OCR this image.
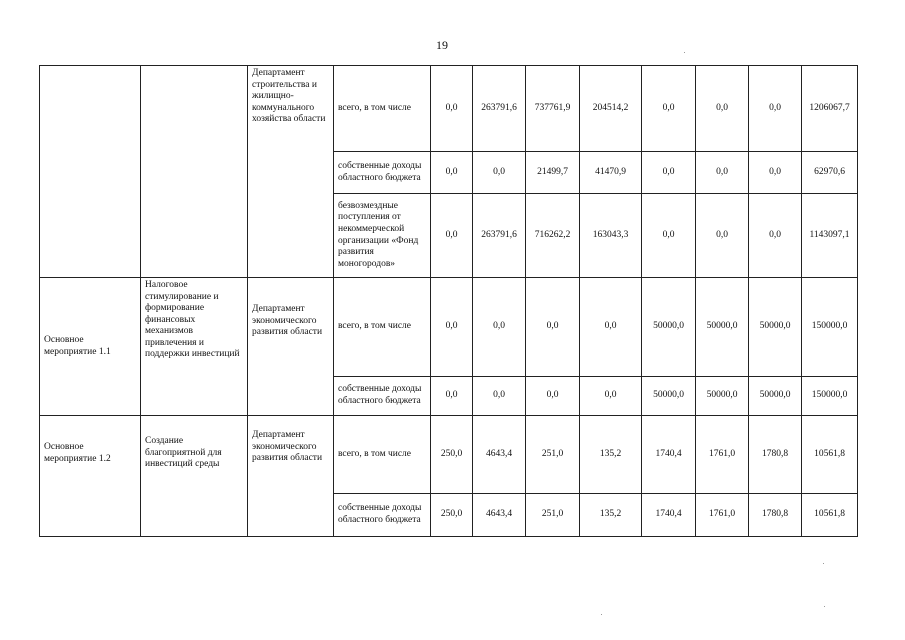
19
		Департамент строительства и жилищно-коммунального хозяйства области	всего, в том числе	0,0	263791,6	737761,9	204514,2	0,0	0,0	0,0	1206067,7
			собственные доходы областного бюджета	0,0	0,0	21499,7	41470,9	0,0	0,0	0,0	62970,6
			безвозмездные поступления от некоммерческой организации «Фонд развития моногородов»	0,0	263791,6	716262,2	163043,3	0,0	0,0	0,0	1143097,1
Основное мероприятие 1.1	Налоговое стимулирование и формирование финансовых механизмов привлечения и поддержки инвестиций	Департамент экономического развития области	всего, в том числе	0,0	0,0	0,0	0,0	50000,0	50000,0	50000,0	150000,0
			собственные доходы областного бюджета	0,0	0,0	0,0	0,0	50000,0	50000,0	50000,0	150000,0
Основное мероприятие 1.2	Создание благоприятной для инвестиций среды	Департамент экономического развития области	всего, в том числе	250,0	4643,4	251,0	135,2	1740,4	1761,0	1780,8	10561,8
			собственные доходы областного бюджета	250,0	4643,4	251,0	135,2	1740,4	1761,0	1780,8	10561,8
